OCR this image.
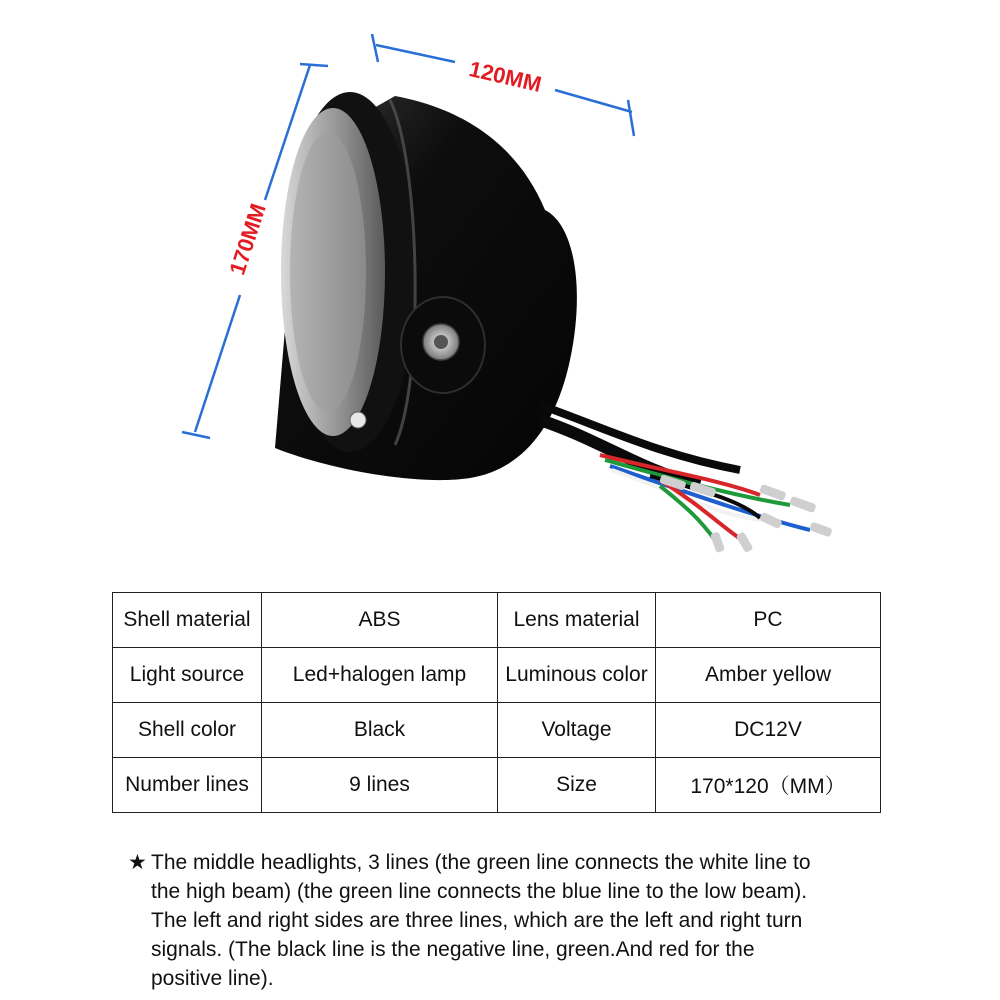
120MM
170MM
Shell material	ABS	Lens material	PC
Light source	Led+halogen lamp	Luminous color	Amber yellow
Shell color	Black	Voltage	DC12V
Number lines	9 lines	Size	170*120（MM）
★ The middle headlights, 3 lines (the green line connects the white line to
the high beam) (the green line connects the blue line to the low beam).
The left and right sides are three lines, which are the left and right turn
signals. (The black line is the negative line, green.And red for the
positive line).
